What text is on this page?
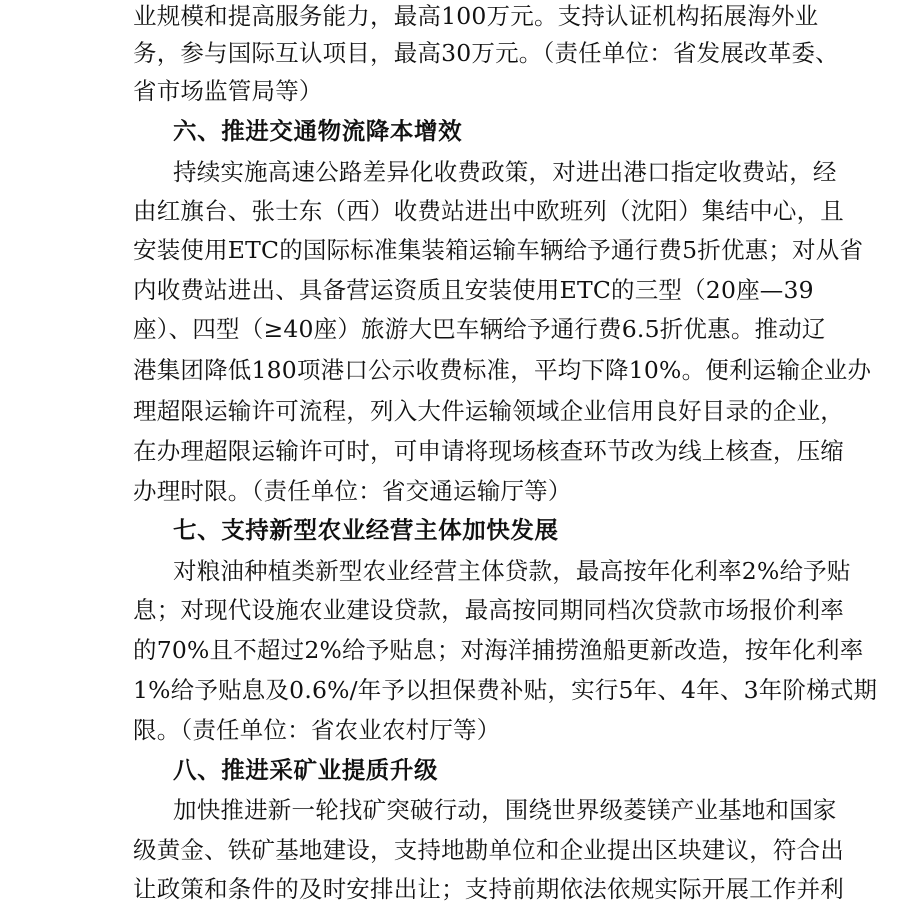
业规模和提高服务能力，最高100万元。支持认证机构拓展海外业
务，参与国际互认项目，最高30万元。（责任单位：省发展改革委、
省市场监管局等）
六、推进交通物流降本增效
持续实施高速公路差异化收费政策，对进出港口指定收费站，经
由红旗台、张士东（西）收费站进出中欧班列（沈阳）集结中心，且
安装使用ETC的国际标准集装箱运输车辆给予通行费5折优惠；对从省
内收费站进出、具备营运资质且安装使用ETC的三型（20座—39
座）、四型（≥40座）旅游大巴车辆给予通行费6.5折优惠。推动辽
港集团降低180项港口公示收费标准，平均下降10%。便利运输企业办
理超限运输许可流程，列入大件运输领域企业信用良好目录的企业，
在办理超限运输许可时，可申请将现场核查环节改为线上核查，压缩
办理时限。（责任单位：省交通运输厅等）
七、支持新型农业经营主体加快发展
对粮油种植类新型农业经营主体贷款，最高按年化利率2%给予贴
息；对现代设施农业建设贷款，最高按同期同档次贷款市场报价利率
的70%且不超过2%给予贴息；对海洋捕捞渔船更新改造，按年化利率
1%给予贴息及0.6%/年予以担保费补贴，实行5年、4年、3年阶梯式期
限。（责任单位：省农业农村厅等）
八、推进采矿业提质升级
加快推进新一轮找矿突破行动，围绕世界级菱镁产业基地和国家
级黄金、铁矿基地建设，支持地勘单位和企业提出区块建议，符合出
让政策和条件的及时安排出让；支持前期依法依规实际开展工作并利
